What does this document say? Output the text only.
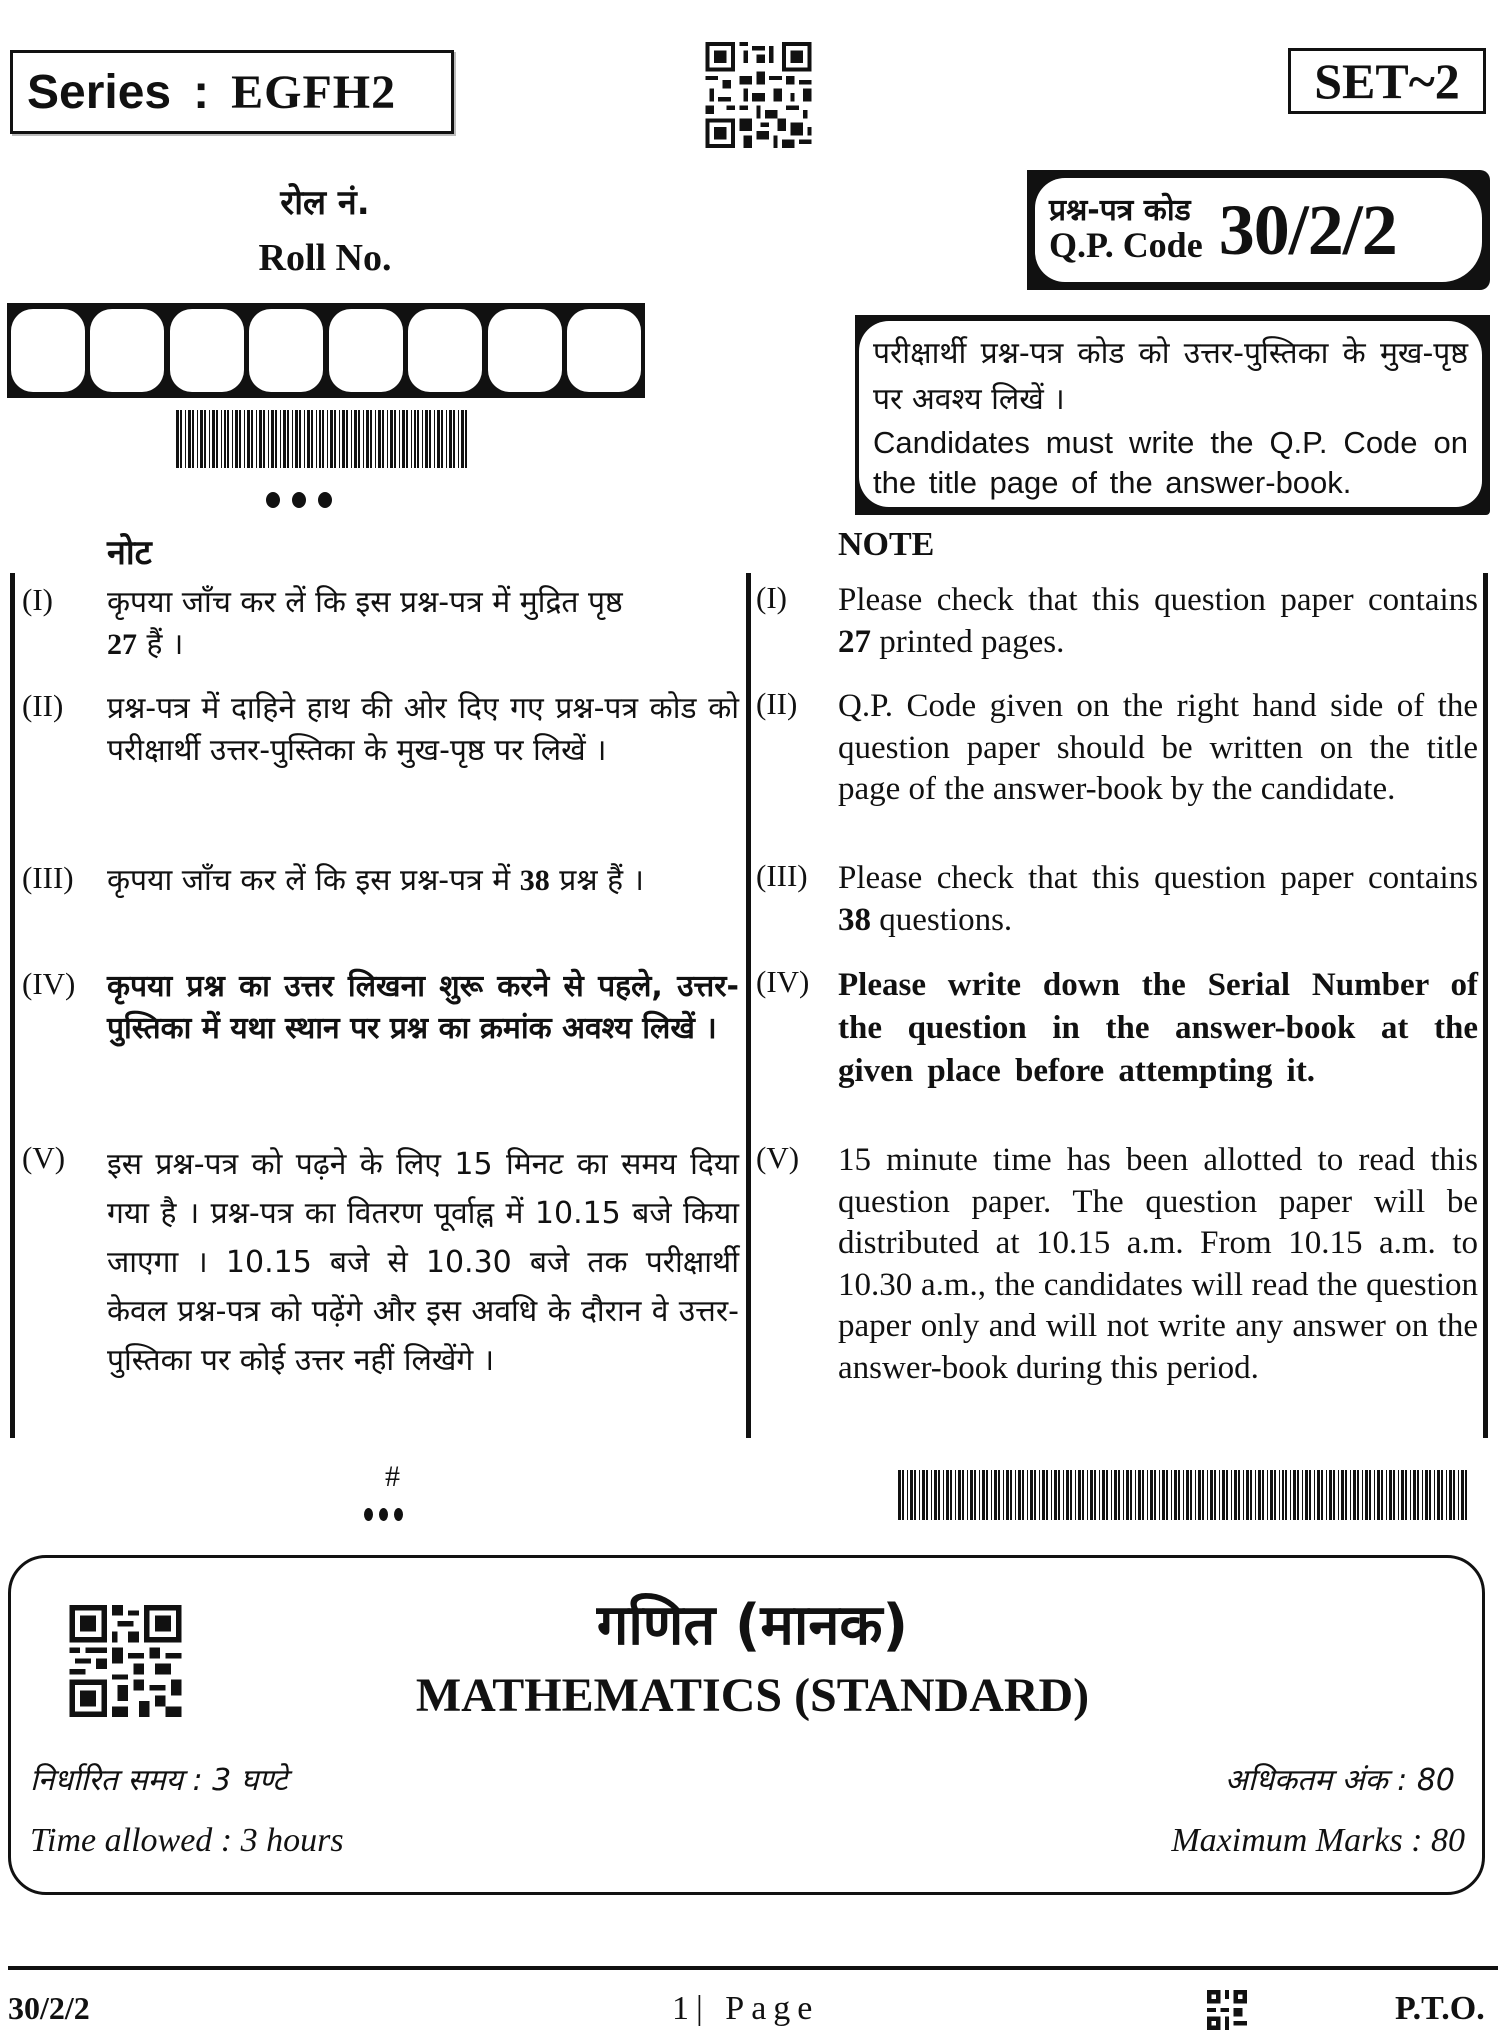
Series : EGFH2	SET~2
रोल नं.
Roll No.
प्रश्न-पत्र कोड
Q.P. Code 30/2/2
परीक्षार्थी प्रश्न-पत्र कोड को उत्तर-पुस्तिका के मुख-पृष्ठ पर अवश्य लिखें ।
Candidates must write the Q.P. Code on the title page of the answer-book.
नोट	NOTE
(I) कृपया जाँच कर लें कि इस प्रश्न-पत्र में मुद्रित पृष्ठ
27 हैं ।
(II) प्रश्न-पत्र में दाहिने हाथ की ओर दिए गए प्रश्न-पत्र कोड को परीक्षार्थी उत्तर-पुस्तिका के मुख-पृष्ठ पर लिखें ।
(III) कृपया जाँच कर लें कि इस प्रश्न-पत्र में 38 प्रश्न हैं ।
(IV) कृपया प्रश्न का उत्तर लिखना शुरू करने से पहले, उत्तर-पुस्तिका में यथा स्थान पर प्रश्न का क्रमांक अवश्य लिखें ।
(V) इस प्रश्न-पत्र को पढ़ने के लिए 15 मिनट का समय दिया गया है । प्रश्न-पत्र का वितरण पूर्वाह्न में 10.15 बजे किया जाएगा । 10.15 बजे से 10.30 बजे तक परीक्षार्थी केवल प्रश्न-पत्र को पढ़ेंगे और इस अवधि के दौरान वे उत्तर-पुस्तिका पर कोई उत्तर नहीं लिखेंगे ।
(I) Please check that this question paper contains 27 printed pages.
(II) Q.P. Code given on the right hand side of the question paper should be written on the title page of the answer-book by the candidate.
(III) Please check that this question paper contains 38 questions.
(IV) Please write down the Serial Number of the question in the answer-book at the given place before attempting it.
(V) 15 minute time has been allotted to read this question paper. The question paper will be distributed at 10.15 a.m. From 10.15 a.m. to 10.30 a.m., the candidates will read the question paper only and will not write any answer on the answer-book during this period.
#
गणित (मानक)
MATHEMATICS (STANDARD)
निर्धारित समय : 3 घण्टे	अधिकतम अंक : 80
Time allowed : 3 hours	Maximum Marks : 80
30/2/2	1| Page	P.T.O.
